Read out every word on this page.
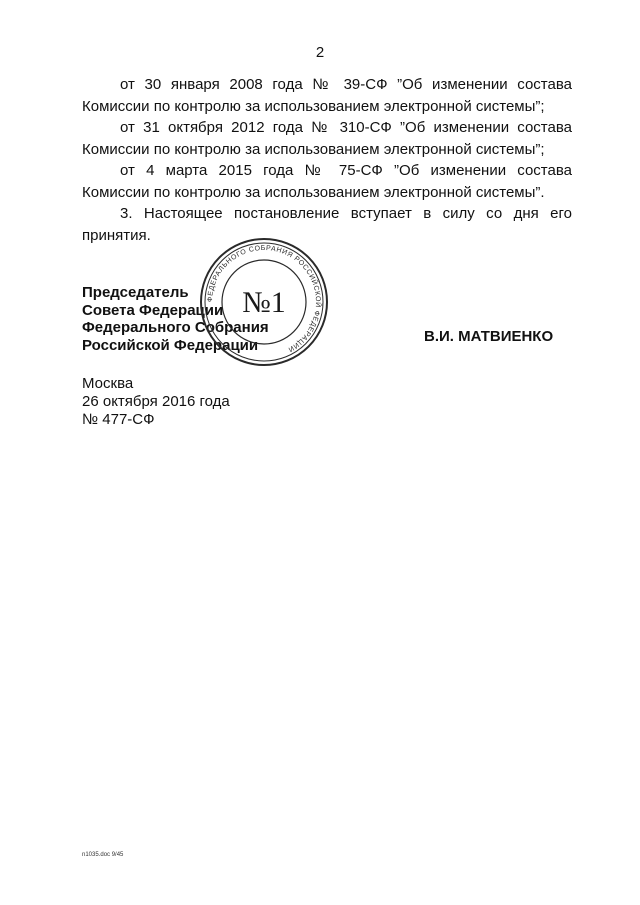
2

от 30 января 2008 года № 39-СФ ”Об изменении состава
Комиссии по контролю за использованием электронной системы”;

от 31 октября 2012 года № 310-СФ ”Об изменении состава
Комиссии по контролю за использованием электронной системы”;

от 4 марта 2015 года № 75-СФ ”Об изменении состава
Комиссии по контролю за использованием электронной системы”.

3. Настоящее постановление вступает в силу со дня его
принятия.

Председатель
Совета Федерации
Федерального Собрания
Российской Федерации
ФЕДЕРАЛЬНОГО СОБРАНИЯ РОССИЙСКОЙ ФЕДЕРАЦИИ
№1
В.И. МАТВИЕНКО
Москва
26 октября 2016 года
№ 477-СФ
n1035.doc 9/45
